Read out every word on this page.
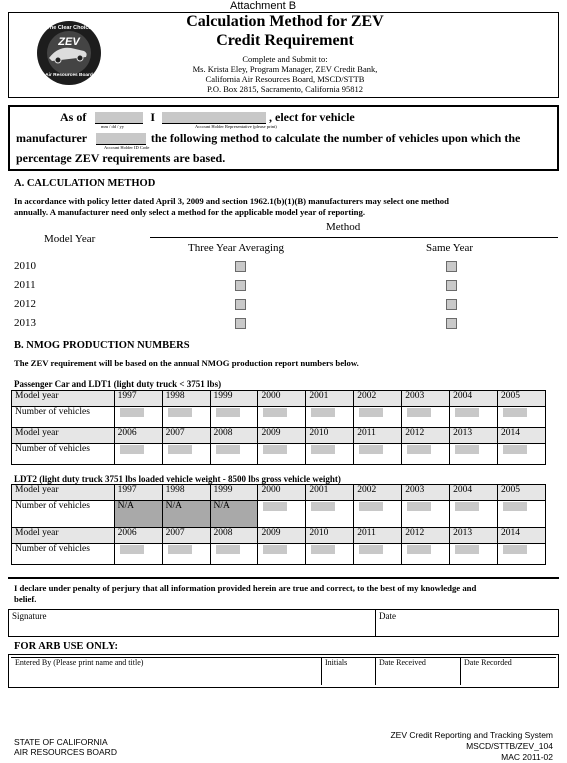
Attachment B
The Clear Choice
ZEV
Air Resources Board
Calculation Method for ZEV
Credit Requirement
Complete and Submit to:
Ms. Krista Eley, Program Manager, ZEV Credit Bank,
California Air Resources Board, MSCD/STTB
P.O. Box 2815, Sacramento, California 95812
As of	I	, elect for vehicle
mm / dd / yy	Account Holder Representative (please print)
manufacturer	the following method to calculate the number of vehicles upon which the
Account Holder ID Code
percentage ZEV requirements are based.
A. CALCULATION METHOD
In accordance with policy letter dated April 3, 2009 and section 1962.1(b)(1)(B) manufacturers may select one method
annually. A manufacturer need only select a method for the applicable model year of reporting.
Method
Model Year
Three Year Averaging	Same Year
2010
2011
2012
2013
B. NMOG PRODUCTION NUMBERS
The ZEV requirement will be based on the annual NMOG production report numbers below.
Passenger Car and LDT1 (light duty truck < 3751 lbs)
Model year	1997	1998	1999	2000	2001	2002	2003	2004	2005
Number of vehicles	

Model year	2006	2007	2008	2009	2010	2011	2012	2013	2014
Number of vehicles	

LDT2 (light duty truck 3751 lbs loaded vehicle weight - 8500 lbs gross vehicle weight)
Model year	1997	1998	1999	2000	2001	2002	2003	2004	2005
Number of vehicles	N/A	N/A	N/A	

Model year	2006	2007	2008	2009	2010	2011	2012	2013	2014
Number of vehicles	

I declare under penalty of perjury that all information provided herein are true and correct, to the best of my knowledge and
belief.
Signature	Date
FOR ARB USE ONLY:
Entered By (Please print name and title)	Initials	Date Received	Date Recorded
STATE OF CALIFORNIA
AIR RESOURCES BOARD
ZEV Credit Reporting and Tracking System
MSCD/STTB/ZEV_104
MAC 2011-02
